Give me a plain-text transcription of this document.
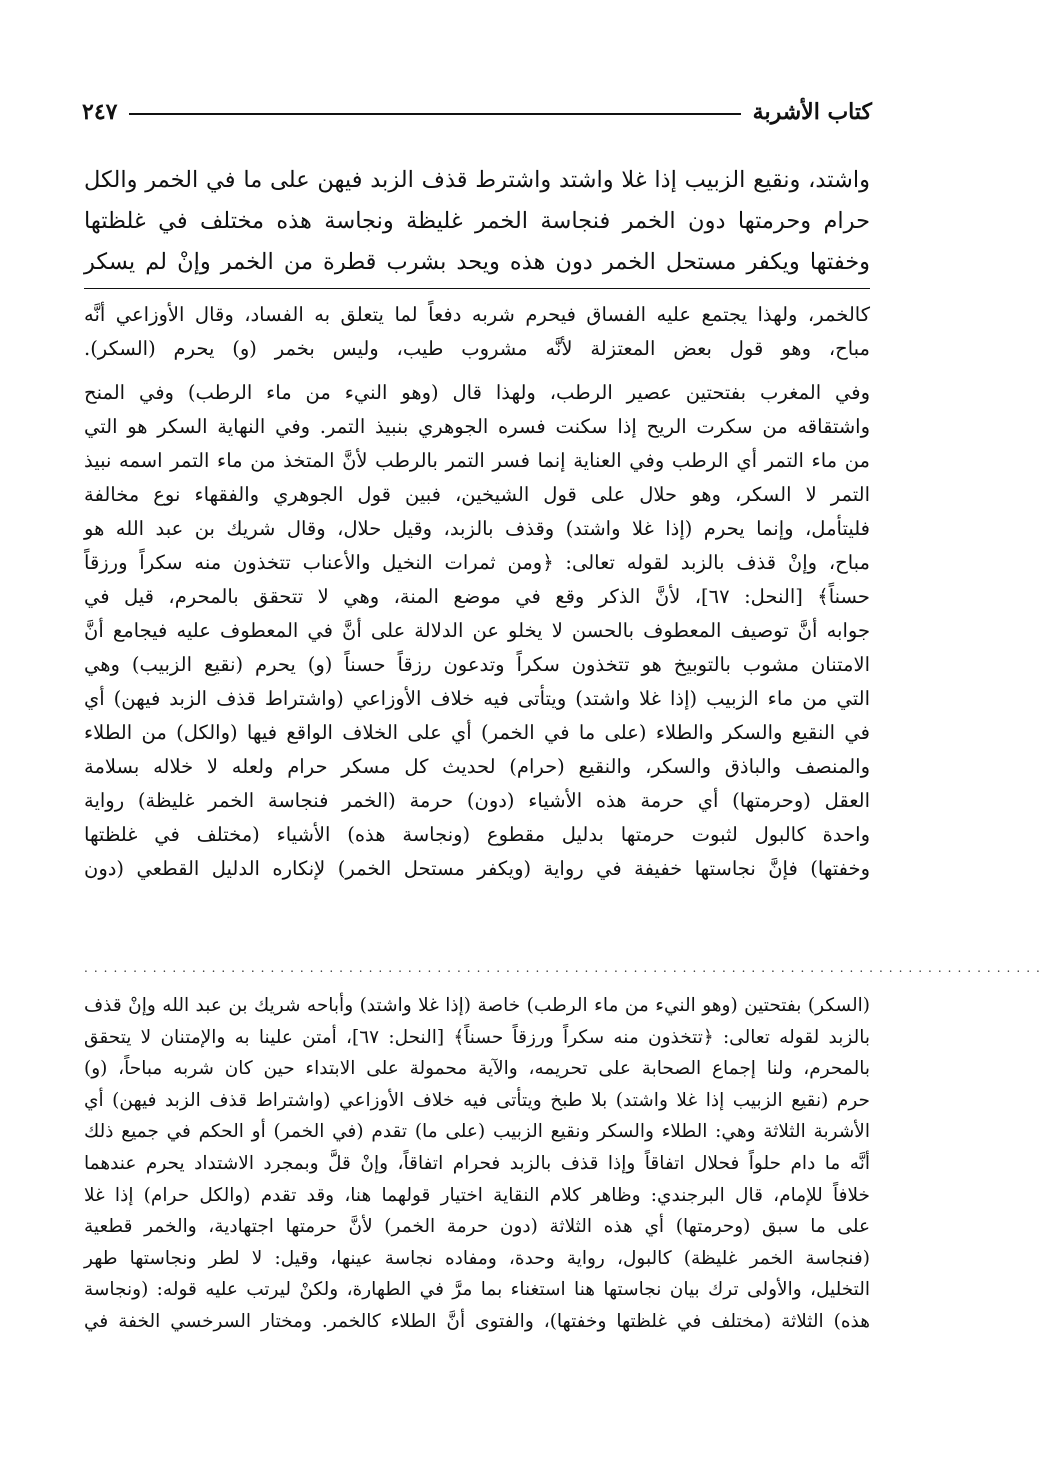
كتاب الأشربة
٢٤٧
واشتد، ونقيع الزبيب إذا غلا واشتد واشترط قذف الزبد فيهن على ما في الخمر والكل
حرام وحرمتها دون الخمر فنجاسة الخمر غليظة ونجاسة هذه مختلف في غلظتها
وخفتها ويكفر مستحل الخمر دون هذه ويحد بشرب قطرة من الخمر وإنْ لم يسكر
كالخمر، ولهذا يجتمع عليه الفساق فيحرم شربه دفعاً لما يتعلق به الفساد، وقال الأوزاعي أنَّه
مباح، وهو قول بعض المعتزلة لأنَّه مشروب طيب، وليس بخمر (و) يحرم (السكر).
وفي المغرب بفتحتين عصير الرطب، ولهذا قال (وهو النيء من ماء الرطب) وفي المنح
واشتقاقه من سكرت الريح إذا سكنت فسره الجوهري بنبيذ التمر. وفي النهاية السكر هو التي
من ماء التمر أي الرطب وفي العناية إنما فسر التمر بالرطب لأنَّ المتخذ من ماء التمر اسمه نبيذ
التمر لا السكر، وهو حلال على قول الشيخين، فبين قول الجوهري والفقهاء نوع مخالفة
فليتأمل، وإنما يحرم (إذا غلا واشتد) وقذف بالزبد، وقيل حلال، وقال شريك بن عبد الله هو
مباح، وإنْ قذف بالزبد لقوله تعالى: ﴿ومن ثمرات النخيل والأعناب تتخذون منه سكراً ورزقاً
حسناً﴾ [النحل: ٦٧]، لأنَّ الذكر وقع في موضع المنة، وهي لا تتحقق بالمحرم، قيل في
جوابه أنَّ توصيف المعطوف بالحسن لا يخلو عن الدلالة على أنَّ في المعطوف عليه فيجامع أنَّ
الامتنان مشوب بالتوبيخ هو تتخذون سكراً وتدعون رزقاً حسناً (و) يحرم (نقيع الزبيب) وهي
التي من ماء الزبيب (إذا غلا واشتد) ويتأتى فيه خلاف الأوزاعي (واشتراط قذف الزبد فيهن) أي
في النقيع والسكر والطلاء (على ما في الخمر) أي على الخلاف الواقع فيها (والكل) من الطلاء
والمنصف والباذق والسكر، والنقيع (حرام) لحديث كل مسكر حرام ولعله لا خلاله بسلامة
العقل (وحرمتها) أي حرمة هذه الأشياء (دون) حرمة (الخمر فنجاسة الخمر غليظة) رواية
واحدة كالبول لثبوت حرمتها بدليل مقطوع (ونجاسة هذه) الأشياء (مختلف في غلظتها
وخفتها) فإنَّ نجاستها خفيفة في رواية (ويكفر مستحل الخمر) لإنكاره الدليل القطعي (دون
..................................................................................................
(السكر) بفتحتين (وهو النيء من ماء الرطب) خاصة (إذا غلا واشتد) وأباحه شريك بن عبد الله وإنْ قذف
بالزبد لقوله تعالى: ﴿تتخذون منه سكراً ورزقاً حسناً﴾ [النحل: ٦٧]، أمتن علينا به والإمتنان لا يتحقق
بالمحرم، ولنا إجماع الصحابة على تحريمه، والآية محمولة على الابتداء حين كان شربه مباحاً، (و)
حرم (نقيع الزبيب إذا غلا واشتد) بلا طبخ ويتأتى فيه خلاف الأوزاعي (واشتراط قذف الزبد فيهن) أي
الأشربة الثلاثة وهي: الطلاء والسكر ونقيع الزبيب (على ما) تقدم (في الخمر) أو الحكم في جميع ذلك
أنَّه ما دام حلواً فحلال اتفاقاً وإذا قذف بالزبد فحرام اتفاقاً، وإنْ قلَّ وبمجرد الاشتداد يحرم عندهما
خلافاً للإمام، قال البرجندي: وظاهر كلام النقاية اختيار قولهما هنا، وقد تقدم (والكل حرام) إذا غلا
على ما سبق (وحرمتها) أي هذه الثلاثة (دون حرمة الخمر) لأنَّ حرمتها اجتهادية، والخمر قطعية
(فنجاسة الخمر غليظة) كالبول، رواية وحدة، ومفاده نجاسة عينها، وقيل: لا لطر ونجاستها طهر
التخليل، والأولى ترك بيان نجاستها هنا استغناء بما مرَّ في الطهارة، ولكنْ ليرتب عليه قوله: (ونجاسة
هذه) الثلاثة (مختلف في غلظتها وخفتها)، والفتوى أنَّ الطلاء كالخمر. ومختار السرخسي الخفة في
